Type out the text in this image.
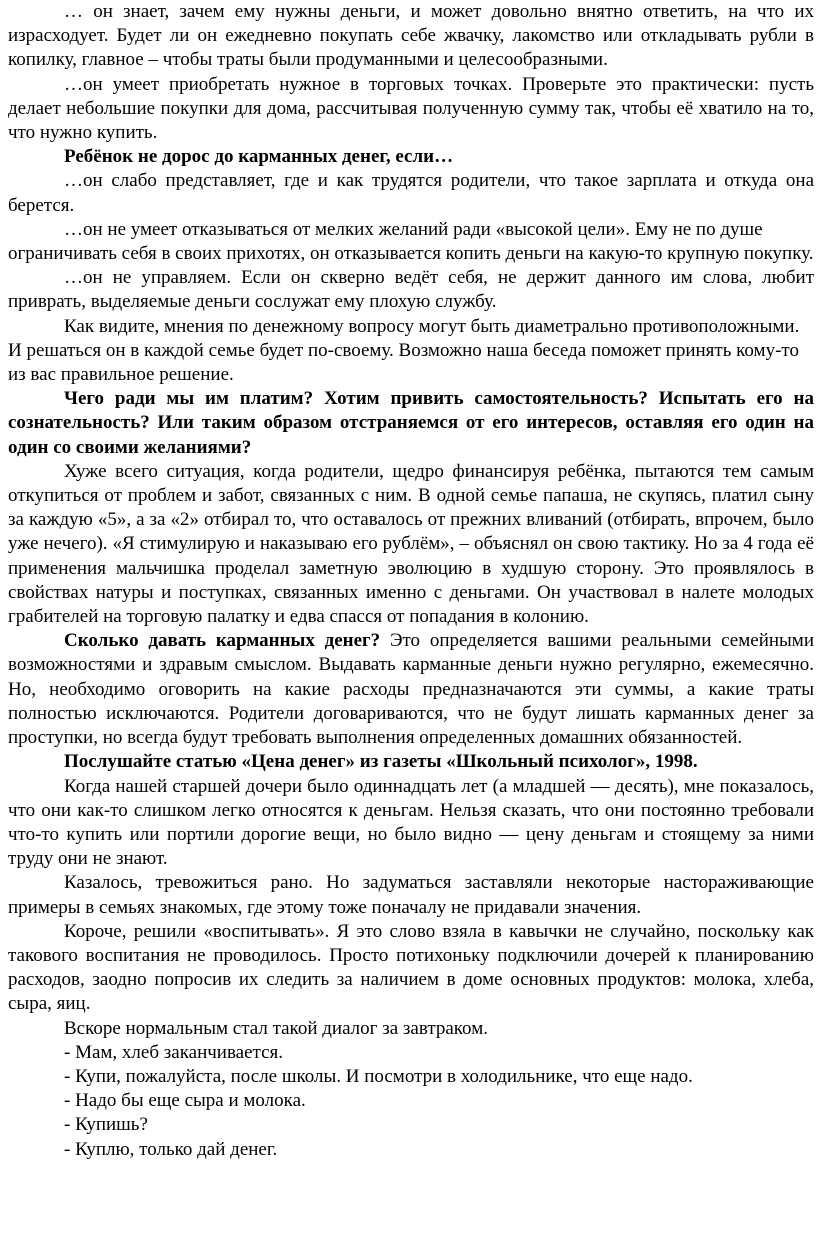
… он знает, зачем ему нужны деньги, и может довольно внятно ответить, на что их израсходует. Будет ли он ежедневно покупать себе жвачку, лакомство или откладывать рубли в копилку, главное – чтобы траты были продуманными и целесообразными.

…он умеет приобретать нужное в торговых точках. Проверьте это практически: пусть делает небольшие покупки для дома, рассчитывая полученную сумму так, чтобы её хватило на то, что нужно купить.

Ребёнок не дорос до карманных денег, если…

…он слабо представляет, где и как трудятся родители, что такое зарплата и откуда она берется.

…он не умеет отказываться от мелких желаний ради «высокой цели». Ему не по душе ограничивать себя в своих прихотях, он отказывается копить деньги на какую-то крупную покупку.

…он не управляем. Если он скверно ведёт себя, не держит данного им слова, любит приврать, выделяемые деньги сослужат ему плохую службу.

Как видите, мнения по денежному вопросу могут быть диаметрально противоположными. И решаться он в каждой семье будет по-своему. Возможно наша беседа поможет принять кому-то из вас правильное решение.

Чего ради мы им платим? Хотим привить самостоятельность? Испытать его на сознательность? Или таким образом отстраняемся от его интересов, оставляя его один на один со своими желаниями?

Хуже всего ситуация, когда родители, щедро финансируя ребёнка, пытаются тем самым откупиться от проблем и забот, связанных с ним. В одной семье папаша, не скупясь, платил сыну за каждую «5», а за «2» отбирал то, что оставалось от прежних вливаний (отбирать, впрочем, было уже нечего). «Я стимулирую и наказываю его рублём», – объяснял он свою тактику. Но за 4 года её применения мальчишка проделал заметную эволюцию в худшую сторону. Это проявлялось в свойствах натуры и поступках, связанных именно с деньгами. Он участвовал в налете молодых грабителей на торговую палатку и едва спасся от попадания в колонию.

Сколько давать карманных денег? Это определяется вашими реальными семейными возможностями и здравым смыслом. Выдавать карманные деньги нужно регулярно, ежемесячно. Но, необходимо оговорить на какие расходы предназначаются эти суммы, а какие траты полностью исключаются. Родители договариваются, что не будут лишать карманных денег за проступки, но всегда будут требовать выполнения определенных домашних обязанностей.

Послушайте статью «Цена денег» из газеты «Школьный психолог», 1998.

Когда нашей старшей дочери было одиннадцать лет (а младшей — десять), мне показалось, что они как-то слишком легко относятся к деньгам. Нельзя сказать, что они постоянно требовали что-то купить или портили дорогие вещи, но было видно — цену деньгам и стоящему за ними труду они не знают.

Казалось, тревожиться рано. Но задуматься заставляли некоторые настораживающие примеры в семьях знакомых, где этому тоже поначалу не придавали значения.

Короче, решили «воспитывать». Я это слово взяла в кавычки не случайно, поскольку как такового воспитания не проводилось. Просто потихоньку подключили дочерей к планированию расходов, заодно попросив их следить за наличием в доме основных продуктов: молока, хлеба, сыра, яиц.

Вскоре нормальным стал такой диалог за завтраком.

- Мам, хлеб заканчивается.

- Купи, пожалуйста, после школы. И посмотри в холодильнике, что еще надо.

- Надо бы еще сыра и молока.

- Купишь?

- Куплю, только дай денег.
